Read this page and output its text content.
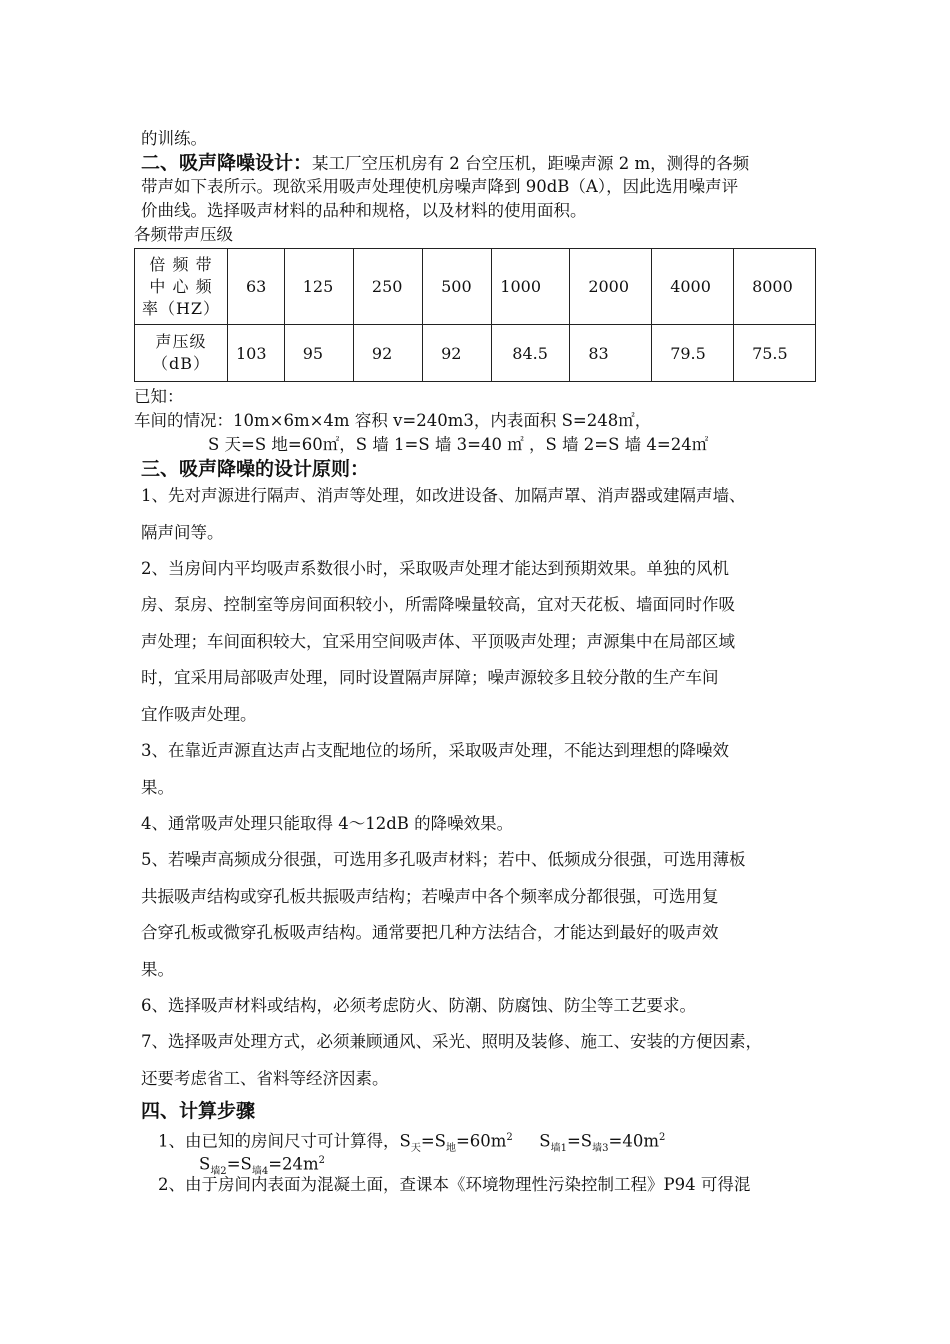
的训练。
二、吸声降噪设计：某工厂空压机房有 2 台空压机，距噪声源 2 m，测得的各频
带声如下表所示。现欲采用吸声处理使机房噪声降到 90dB（A），因此选用噪声评
价曲线。选择吸声材料的品种和规格，以及材料的使用面积。
各频带声压级
倍 频 带
中 心 频
率（HZ）	63	125	250	500	1000	2000	4000	8000

声压级
（dB）	103	95	92	92	84.5	83	79.5	75.5
已知：
车间的情况：10m×6m×4m 容积 v=240m3，内表面积 S=248㎡，
S 天=S 地=60㎡，S 墙 1=S 墙 3=40 ㎡ ，S 墙 2=S 墙 4=24㎡
三、吸声降噪的设计原则：
1、先对声源进行隔声、消声等处理，如改进设备、加隔声罩、消声器或建隔声墙、
隔声间等。
2、当房间内平均吸声系数很小时，采取吸声处理才能达到预期效果。单独的风机
房、泵房、控制室等房间面积较小，所需降噪量较高，宜对天花板、墙面同时作吸
声处理；车间面积较大，宜采用空间吸声体、平顶吸声处理；声源集中在局部区域
时，宜采用局部吸声处理，同时设置隔声屏障；噪声源较多且较分散的生产车间
宜作吸声处理。
3、在靠近声源直达声占支配地位的场所，采取吸声处理，不能达到理想的降噪效
果。
4、通常吸声处理只能取得 4～12dB 的降噪效果。
5、若噪声高频成分很强，可选用多孔吸声材料；若中、低频成分很强，可选用薄板
共振吸声结构或穿孔板共振吸声结构；若噪声中各个频率成分都很强，可选用复
合穿孔板或微穿孔板吸声结构。通常要把几种方法结合，才能达到最好的吸声效
果。
6、选择吸声材料或结构，必须考虑防火、防潮、防腐蚀、防尘等工艺要求。
7、选择吸声处理方式，必须兼顾通风、采光、照明及装修、施工、安装的方便因素，
还要考虑省工、省料等经济因素。
四、计算步骤
1、由已知的房间尺寸可计算得，$S_天=S_地=60m^2$ $S_{墙1}=S_{墙3}=40m^2$
$S_{墙2}=S_{墙4}=24m^2$
2、由于房间内表面为混凝土面，查课本《环境物理性污染控制工程》P94 可得混
